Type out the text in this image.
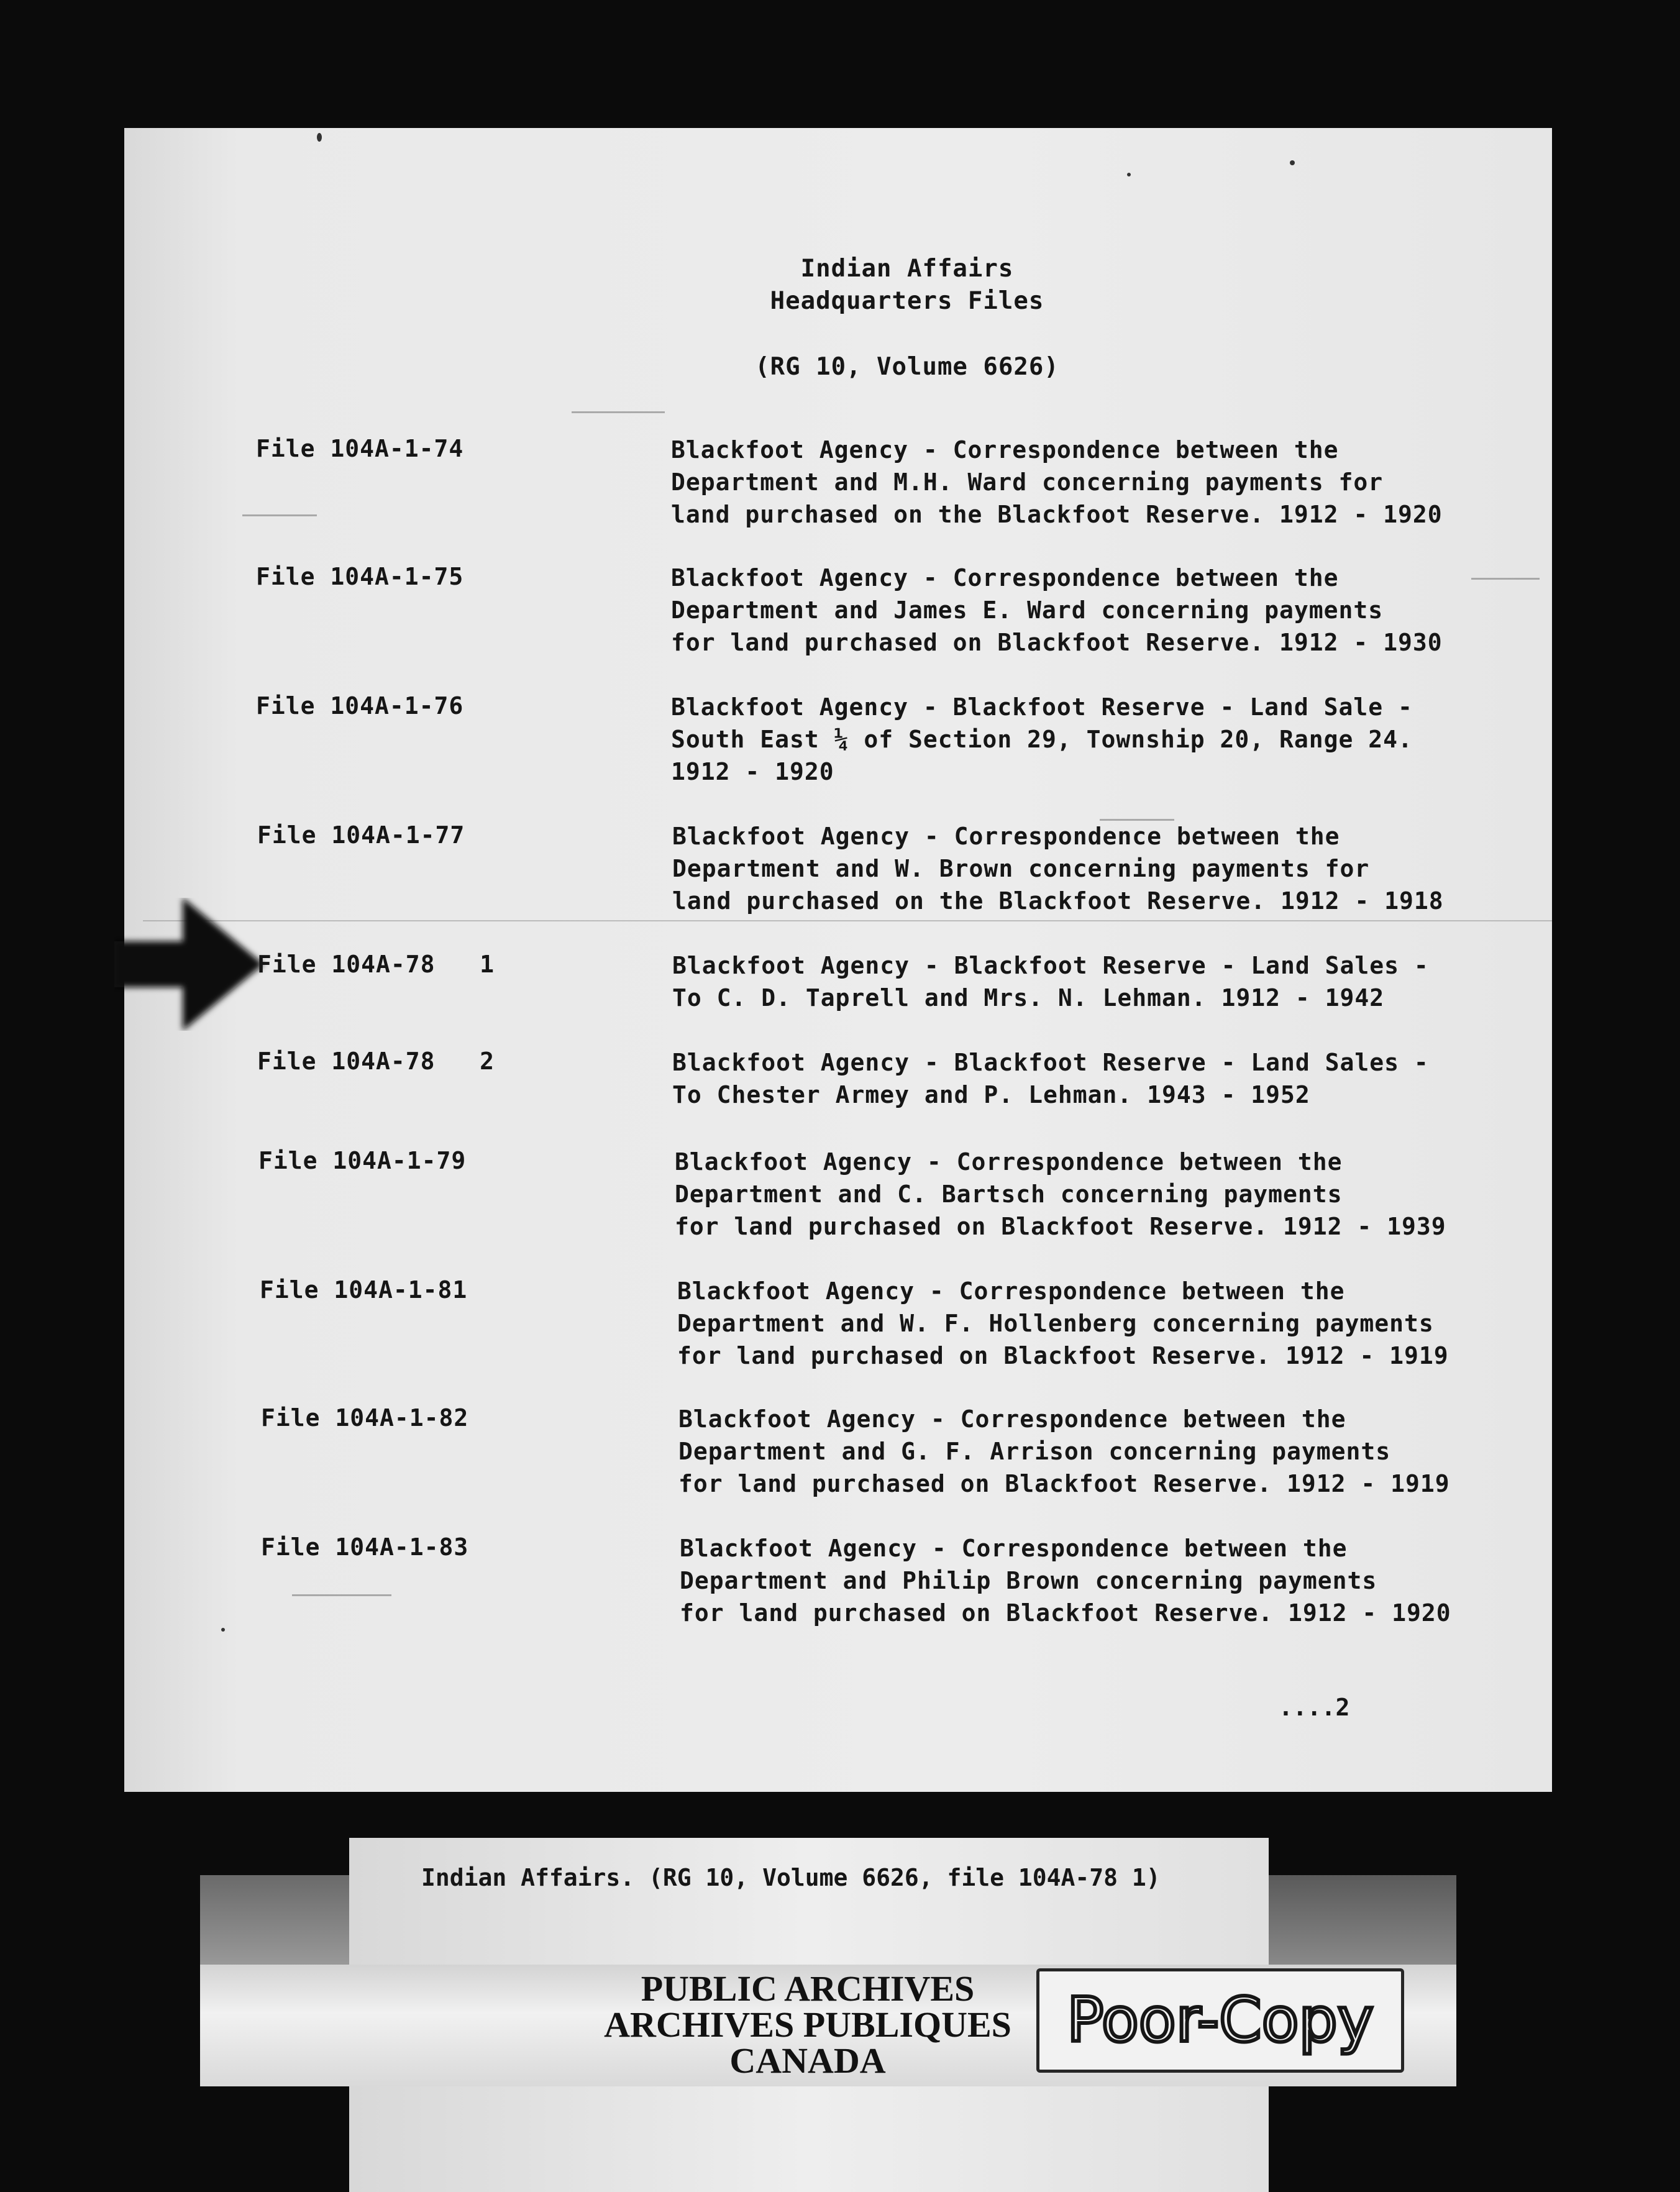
Indian Affairs
Headquarters Files
(RG 10, Volume 6626)
File 104A-1-74	Blackfoot Agency - Correspondence between the
Department and M.H. Ward concerning payments for
land purchased on the Blackfoot Reserve. 1912 - 1920
File 104A-1-75	Blackfoot Agency - Correspondence between the
Department and James E. Ward concerning payments
for land purchased on Blackfoot Reserve. 1912 - 1930
File 104A-1-76	Blackfoot Agency - Blackfoot Reserve - Land Sale -
South East ¼ of Section 29, Township 20, Range 24.
1912 - 1920
File 104A-1-77	Blackfoot Agency - Correspondence between the
Department and W. Brown concerning payments for
land purchased on the Blackfoot Reserve. 1912 - 1918
File 104A-78   1	Blackfoot Agency - Blackfoot Reserve - Land Sales -
To C. D. Taprell and Mrs. N. Lehman. 1912 - 1942
File 104A-78   2	Blackfoot Agency - Blackfoot Reserve - Land Sales -
To Chester Armey and P. Lehman. 1943 - 1952
File 104A-1-79	Blackfoot Agency - Correspondence between the
Department and C. Bartsch concerning payments
for land purchased on Blackfoot Reserve. 1912 - 1939
File 104A-1-81	Blackfoot Agency - Correspondence between the
Department and W. F. Hollenberg concerning payments
for land purchased on Blackfoot Reserve. 1912 - 1919
File 104A-1-82	Blackfoot Agency - Correspondence between the
Department and G. F. Arrison concerning payments
for land purchased on Blackfoot Reserve. 1912 - 1919
File 104A-1-83	Blackfoot Agency - Correspondence between the
Department and Philip Brown concerning payments
for land purchased on Blackfoot Reserve. 1912 - 1920
....2
Indian Affairs. (RG 10, Volume 6626, file 104A-78 1)
PUBLIC ARCHIVES
ARCHIVES PUBLIQUES
CANADA
Poor-Copy
